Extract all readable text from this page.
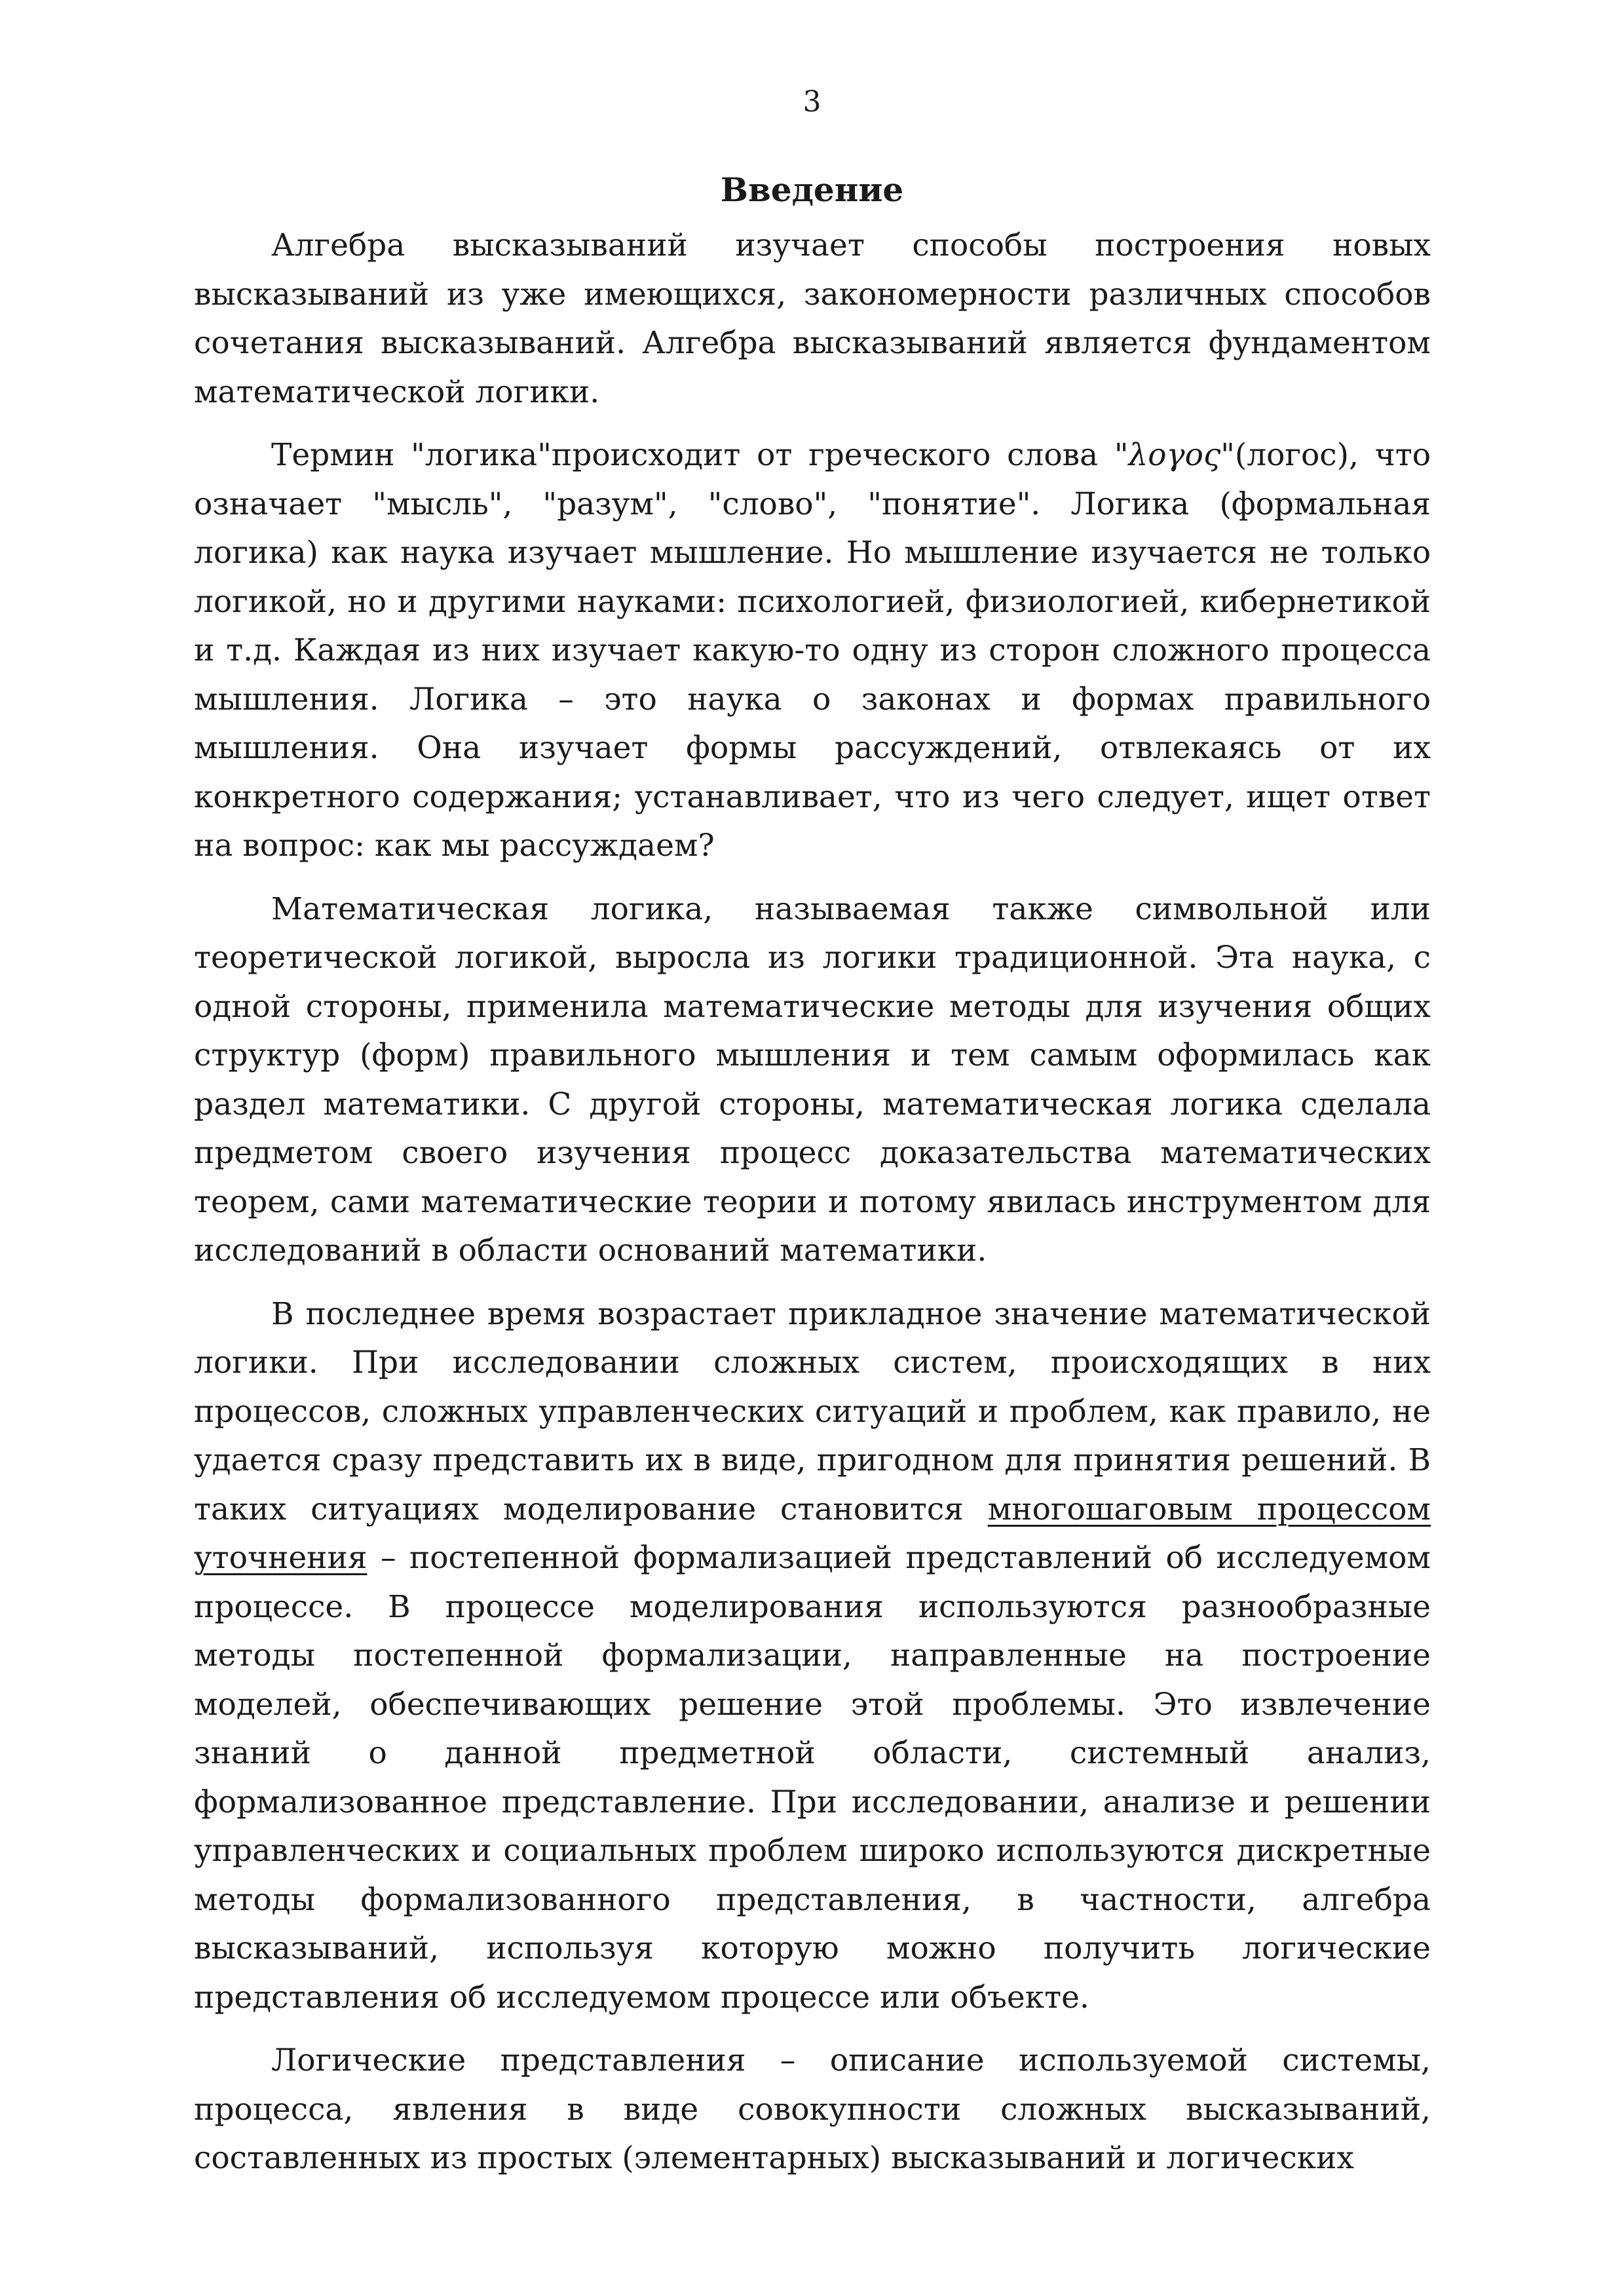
3
Введение

Алгебра высказываний изучает способы построения новых высказываний из уже имеющихся, закономерности различных способов сочетания высказываний. Алгебра высказываний является фундаментом математической логики.

Термин "логика"происходит от греческого слова "λογος"(логос), что означает "мысль", "разум", "слово", "понятие". Логика (формальная логика) как наука изучает мышление. Но мышление изучается не только логикой, но и другими науками: психологией, физиологией, кибернетикой и т.д. Каждая из них изучает какую-то одну из сторон сложного процесса мышления. Логика – это наука о законах и формах правильного мышления. Она изучает формы рассуждений, отвлекаясь от их конкретного содержания; устанавливает, что из чего следует, ищет ответ на вопрос: как мы рассуждаем?

Математическая логика, называемая также символьной или теоретической логикой, выросла из логики традиционной. Эта наука, с одной стороны, применила математические методы для изучения общих структур (форм) правильного мышления и тем самым оформилась как раздел математики. С другой стороны, математическая логика сделала предметом своего изучения процесс доказательства математических теорем, сами математические теории и потому явилась инструментом для исследований в области оснований математики.

В последнее время возрастает прикладное значение математической логики. При исследовании сложных систем, происходящих в них процессов, сложных управленческих ситуаций и проблем, как правило, не удается сразу представить их в виде, пригодном для принятия решений. В таких ситуациях моделирование становится многошаговым процессом уточнения – постепенной формализацией представлений об исследуемом процессе. В процессе моделирования используются разнообразные методы постепенной формализации, направленные на построение моделей, обеспечивающих решение этой проблемы. Это извлечение знаний о данной предметной области, системный анализ, формализованное представление. При исследовании, анализе и решении управленческих и социальных проблем широко используются дискретные методы формализованного представления, в частности, алгебра высказываний, используя которую можно получить логические представления об исследуемом процессе или объекте.

Логические представления – описание используемой системы, процесса, явления в виде совокупности сложных высказываний, составленных из простых (элементарных) высказываний и логических
